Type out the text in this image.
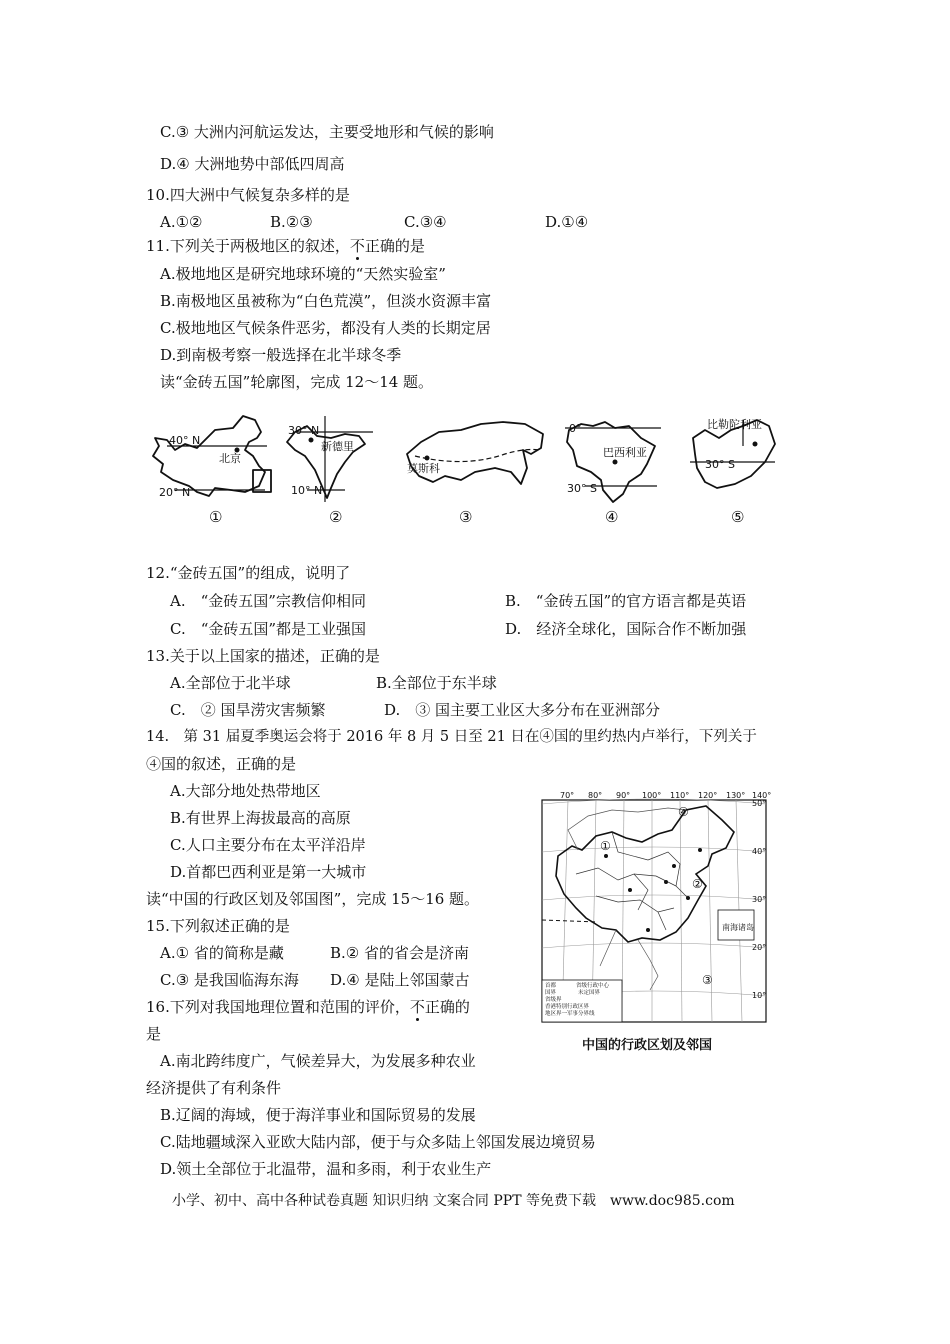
C.③ 大洲内河航运发达，主要受地形和气候的影响
D.④ 大洲地势中部低四周高
10.四大洲中气候复杂多样的是
A.①②	B.②③	C.③④	D.①④
11.下列关于两极地区的叙述，不正确的是
A.极地地区是研究地球环境的“天然实验室”
B.南极地区虽被称为“白色荒漠”，但淡水资源丰富
C.极地地区气候条件恶劣，都没有人类的长期定居
D.到南极考察一般选择在北半球冬季
读“金砖五国”轮廓图，完成 12～14 题。
40° N
北京
20° N
30° N
新德里
10° N
莫斯科
0°
巴西利亚
30° S
比勒陀利亚
30° S
①	②	③	④	⑤
12.“金砖五国”的组成，说明了
A.　“金砖五国”宗教信仰相同	B.　“金砖五国”的官方语言都是英语
C.　“金砖五国”都是工业强国	D.　经济全球化，国际合作不断加强
13.关于以上国家的描述，正确的是
A.全部位于北半球	B.全部位于东半球
C.　② 国旱涝灾害频繁	D.　③ 国主要工业区大多分布在亚洲部分
14.　第 31 届夏季奥运会将于 2016 年 8 月 5 日至 21 日在④国的里约热内卢举行，下列关于
④国的叙述，正确的是
A.大部分地处热带地区
B.有世界上海拔最高的高原
C.人口主要分布在太平洋沿岸
D.首都巴西利亚是第一大城市
读“中国的行政区划及邻国图”，完成 15～16 题。
15.下列叙述正确的是
A.① 省的简称是藏	B.② 省的省会是济南
C.③ 是我国临海东海 D.④ 是陆上邻国蒙古
16.下列对我国地理位置和范围的评价，不正确的
是
A.南北跨纬度广，气候差异大，为发展多种农业
经济提供了有利条件
B.辽阔的海域，便于海洋事业和国际贸易的发展
C.陆地疆域深入亚欧大陆内部，便于与众多陆上邻国发展边境贸易
D.领土全部位于北温带，温和多雨，利于农业生产
小学、初中、高中各种试卷真题 知识归纳 文案合同 PPT 等免费下载　www.doc985.com
南海诸岛
①
②
③
④
70° 80° 90° 100° 110° 120° 130° 140°
50°
40°
30°
20°
10°
首都	省级行政中心
国界	未定国界
省级界
香港特别行政区界
地区界一军事分界线
中国的行政区划及邻国
